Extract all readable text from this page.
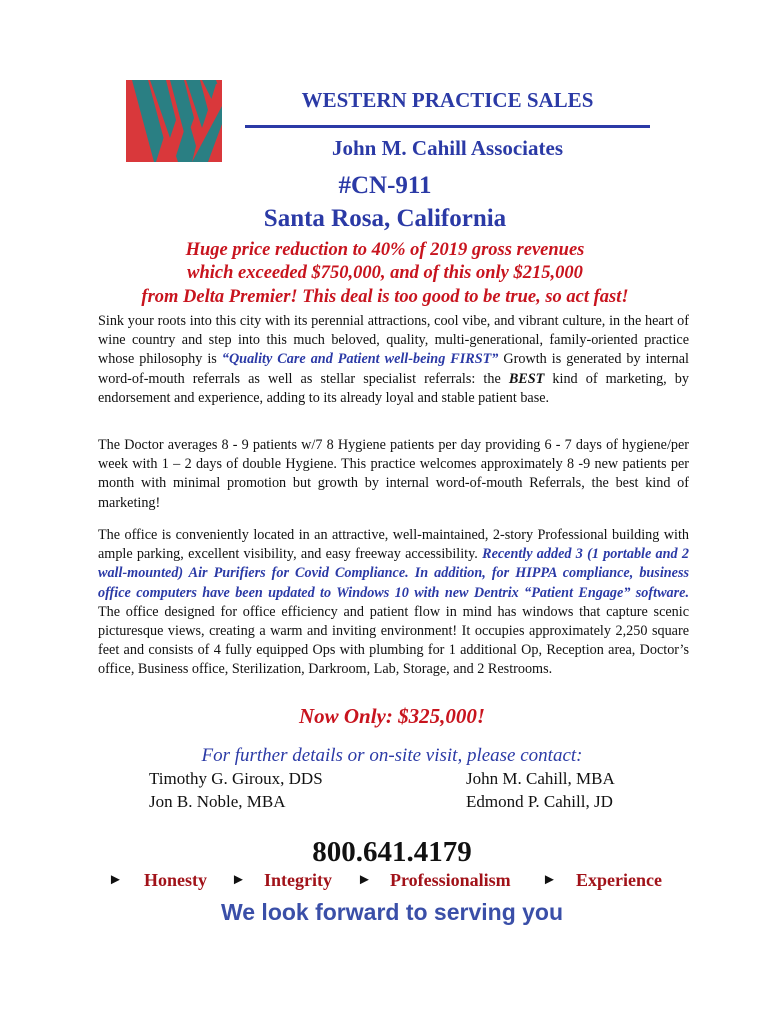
WESTERN PRACTICE SALES
John M. Cahill Associates
#CN-911
Santa Rosa, California
Huge price reduction to 40% of 2019 gross revenues
which exceeded $750,000, and of this only $215,000
from Delta Premier! This deal is too good to be true, so act fast!

Sink your roots into this city with its perennial attractions, cool vibe, and vibrant culture, in the heart of wine country and step into this much beloved, quality, multi-generational, family-oriented practice whose philosophy is “Quality Care and Patient well-being FIRST” Growth is generated by internal word-of-mouth referrals as well as stellar specialist referrals: the BEST kind of marketing, by endorsement and experience, adding to its already loyal and stable patient base.

The Doctor averages 8 - 9 patients w/7 8 Hygiene patients per day providing 6 - 7 days of hygiene/per week with 1 – 2 days of double Hygiene. This practice welcomes approximately 8 -9 new patients per month with minimal promotion but growth by internal word-of-mouth Referrals, the best kind of marketing!

The office is conveniently located in an attractive, well-maintained, 2-story Professional building with ample parking, excellent visibility, and easy freeway accessibility. Recently added 3 (1 portable and 2 wall-mounted) Air Purifiers for Covid Compliance. In addition, for HIPPA compliance, business office computers have been updated to Windows 10 with new Dentrix “Patient Engage” software. The office designed for office efficiency and patient flow in mind has windows that capture scenic picturesque views, creating a warm and inviting environment! It occupies approximately 2,250 square feet and consists of 4 fully equipped Ops with plumbing for 1 additional Op, Reception area, Doctor’s office, Business office, Sterilization, Darkroom, Lab, Storage, and 2 Restrooms.

Now Only: $325,000!
For further details or on-site visit, please contact:
Timothy G. Giroux, DDS	John M. Cahill, MBA
Jon B. Noble, MBA	Edmond P. Cahill, JD
800.641.4179
► Honesty ► Integrity ► Professionalism ► Experience
We look forward to serving you
